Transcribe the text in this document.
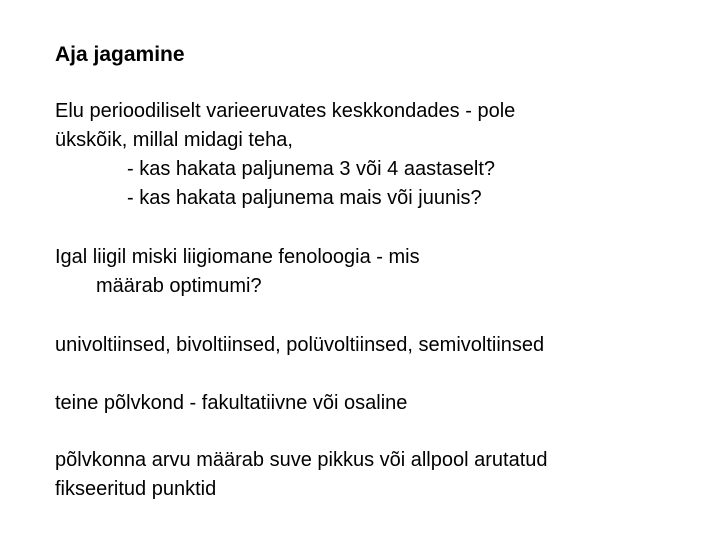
Aja jagamine
Elu perioodiliselt varieeruvates keskkondades - pole
ükskõik, millal midagi teha,
- kas hakata paljunema 3 või 4 aastaselt?
- kas hakata paljunema mais või juunis?
Igal liigil miski liigiomane fenoloogia - mis
määrab optimumi?
univoltiinsed, bivoltiinsed, polüvoltiinsed, semivoltiinsed
teine põlvkond - fakultatiivne või osaline
põlvkonna arvu määrab suve pikkus või allpool arutatud
fikseeritud punktid
